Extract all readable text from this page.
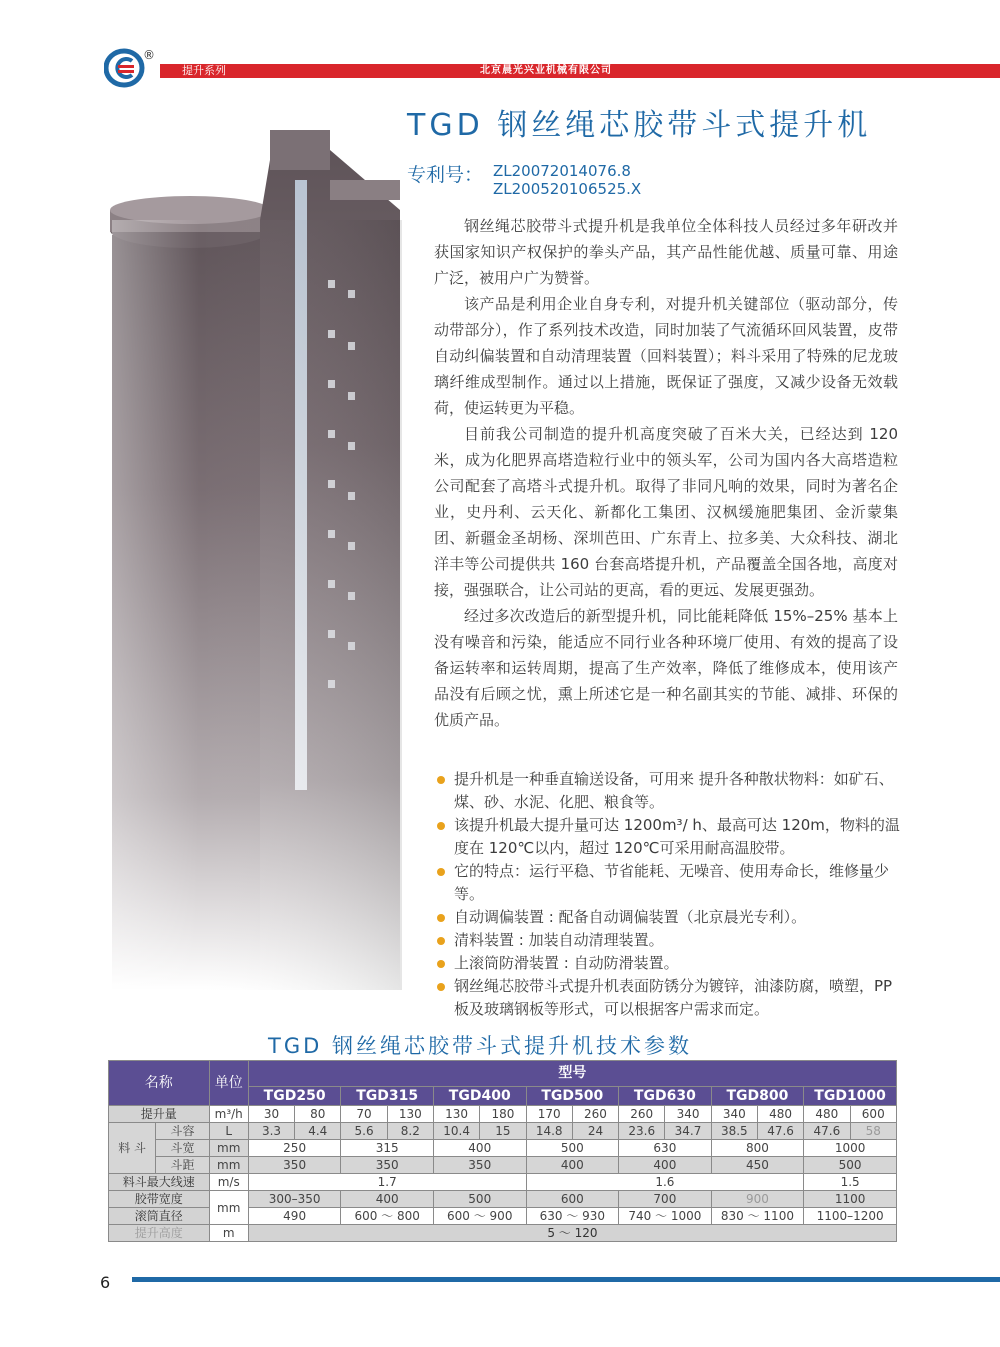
®
提升系列	北京晨光兴业机械有限公司
TGD 钢丝绳芯胶带斗式提升机
专利号： ZL20072014076.8
ZL200520106525.X

钢丝绳芯胶带斗式提升机是我单位全体科技人员经过多年研改并获国家知识产权保护的拳头产品，其产品性能优越、质量可靠、用途广泛，被用户广为赞誉。

该产品是利用企业自身专利，对提升机关键部位（驱动部分，传动带部分），作了系列技术改造，同时加装了气流循环回风装置，皮带自动纠偏装置和自动清理装置（回料装置）；料斗采用了特殊的尼龙玻璃纤维成型制作。通过以上措施，既保证了强度，又减少设备无效载荷，使运转更为平稳。

目前我公司制造的提升机高度突破了百米大关，已经达到 120 米，成为化肥界高塔造粒行业中的领头军，公司为国内各大高塔造粒公司配套了高塔斗式提升机。取得了非同凡响的效果，同时为著名企业，史丹利、云天化、新都化工集团、汉枫缓施肥集团、金沂蒙集团、新疆金圣胡杨、深圳芭田、广东青上、拉多美、大众科技、湖北洋丰等公司提供共 160 台套高塔提升机，产品覆盖全国各地，高度对接，强强联合，让公司站的更高，看的更远、发展更强劲。

经过多次改造后的新型提升机，同比能耗降低 15%–25% 基本上没有噪音和污染，能适应不同行业各种环境厂使用、有效的提高了设备运转率和运转周期，提高了生产效率，降低了维修成本，使用该产品没有后顾之忧，熏上所述它是一种名副其实的节能、减排、环保的优质产品。

提升机是一种垂直输送设备，可用来 提升各种散状物料：如矿石、煤、砂、水泥、化肥、粮食等。
该提升机最大提升量可达 1200m³/ h、最高可达 120m，物料的温度在 120℃以内，超过 120℃可采用耐高温胶带。
它的特点：运行平稳、节省能耗、无噪音、使用寿命长，维修量少等。
自动调偏装置 : 配备自动调偏装置（北京晨光专利）。
清料装置 : 加装自动清理装置。
上滚筒防滑装置 : 自动防滑装置。
钢丝绳芯胶带斗式提升机表面防锈分为镀锌，油漆防腐，喷塑，PP 板及玻璃钢板等形式，可以根据客户需求而定。
TGD 钢丝绳芯胶带斗式提升机技术参数
名称		单位	型号													
			TGD250		TGD315		TGD400		TGD500		TGD630		TGD800		TGD1000	
提升量		m³/h	30	80	70	130	130	180	170	260	260	340	340	480	480	600
料 斗	斗容	L	3.3	4.4	5.6	8.2	10.4	15	14.8	24	23.6	34.7	38.5	47.6	47.6	58
	斗宽	mm	250		315		400		500		630		800		1000	
	斗距	mm	350		350		350		400		400		450		500	
料斗最大线速		m/s	1.7						1.6						1.5	
胶带宽度		mm	300–350		400		500		600		700		900		1100	
滚筒直径			490		600 ～ 800		600 ～ 900		630 ～ 930		740 ～ 1000		830 ～ 1100		1100–1200	
提升高度		m	5 ～ 120													
6
